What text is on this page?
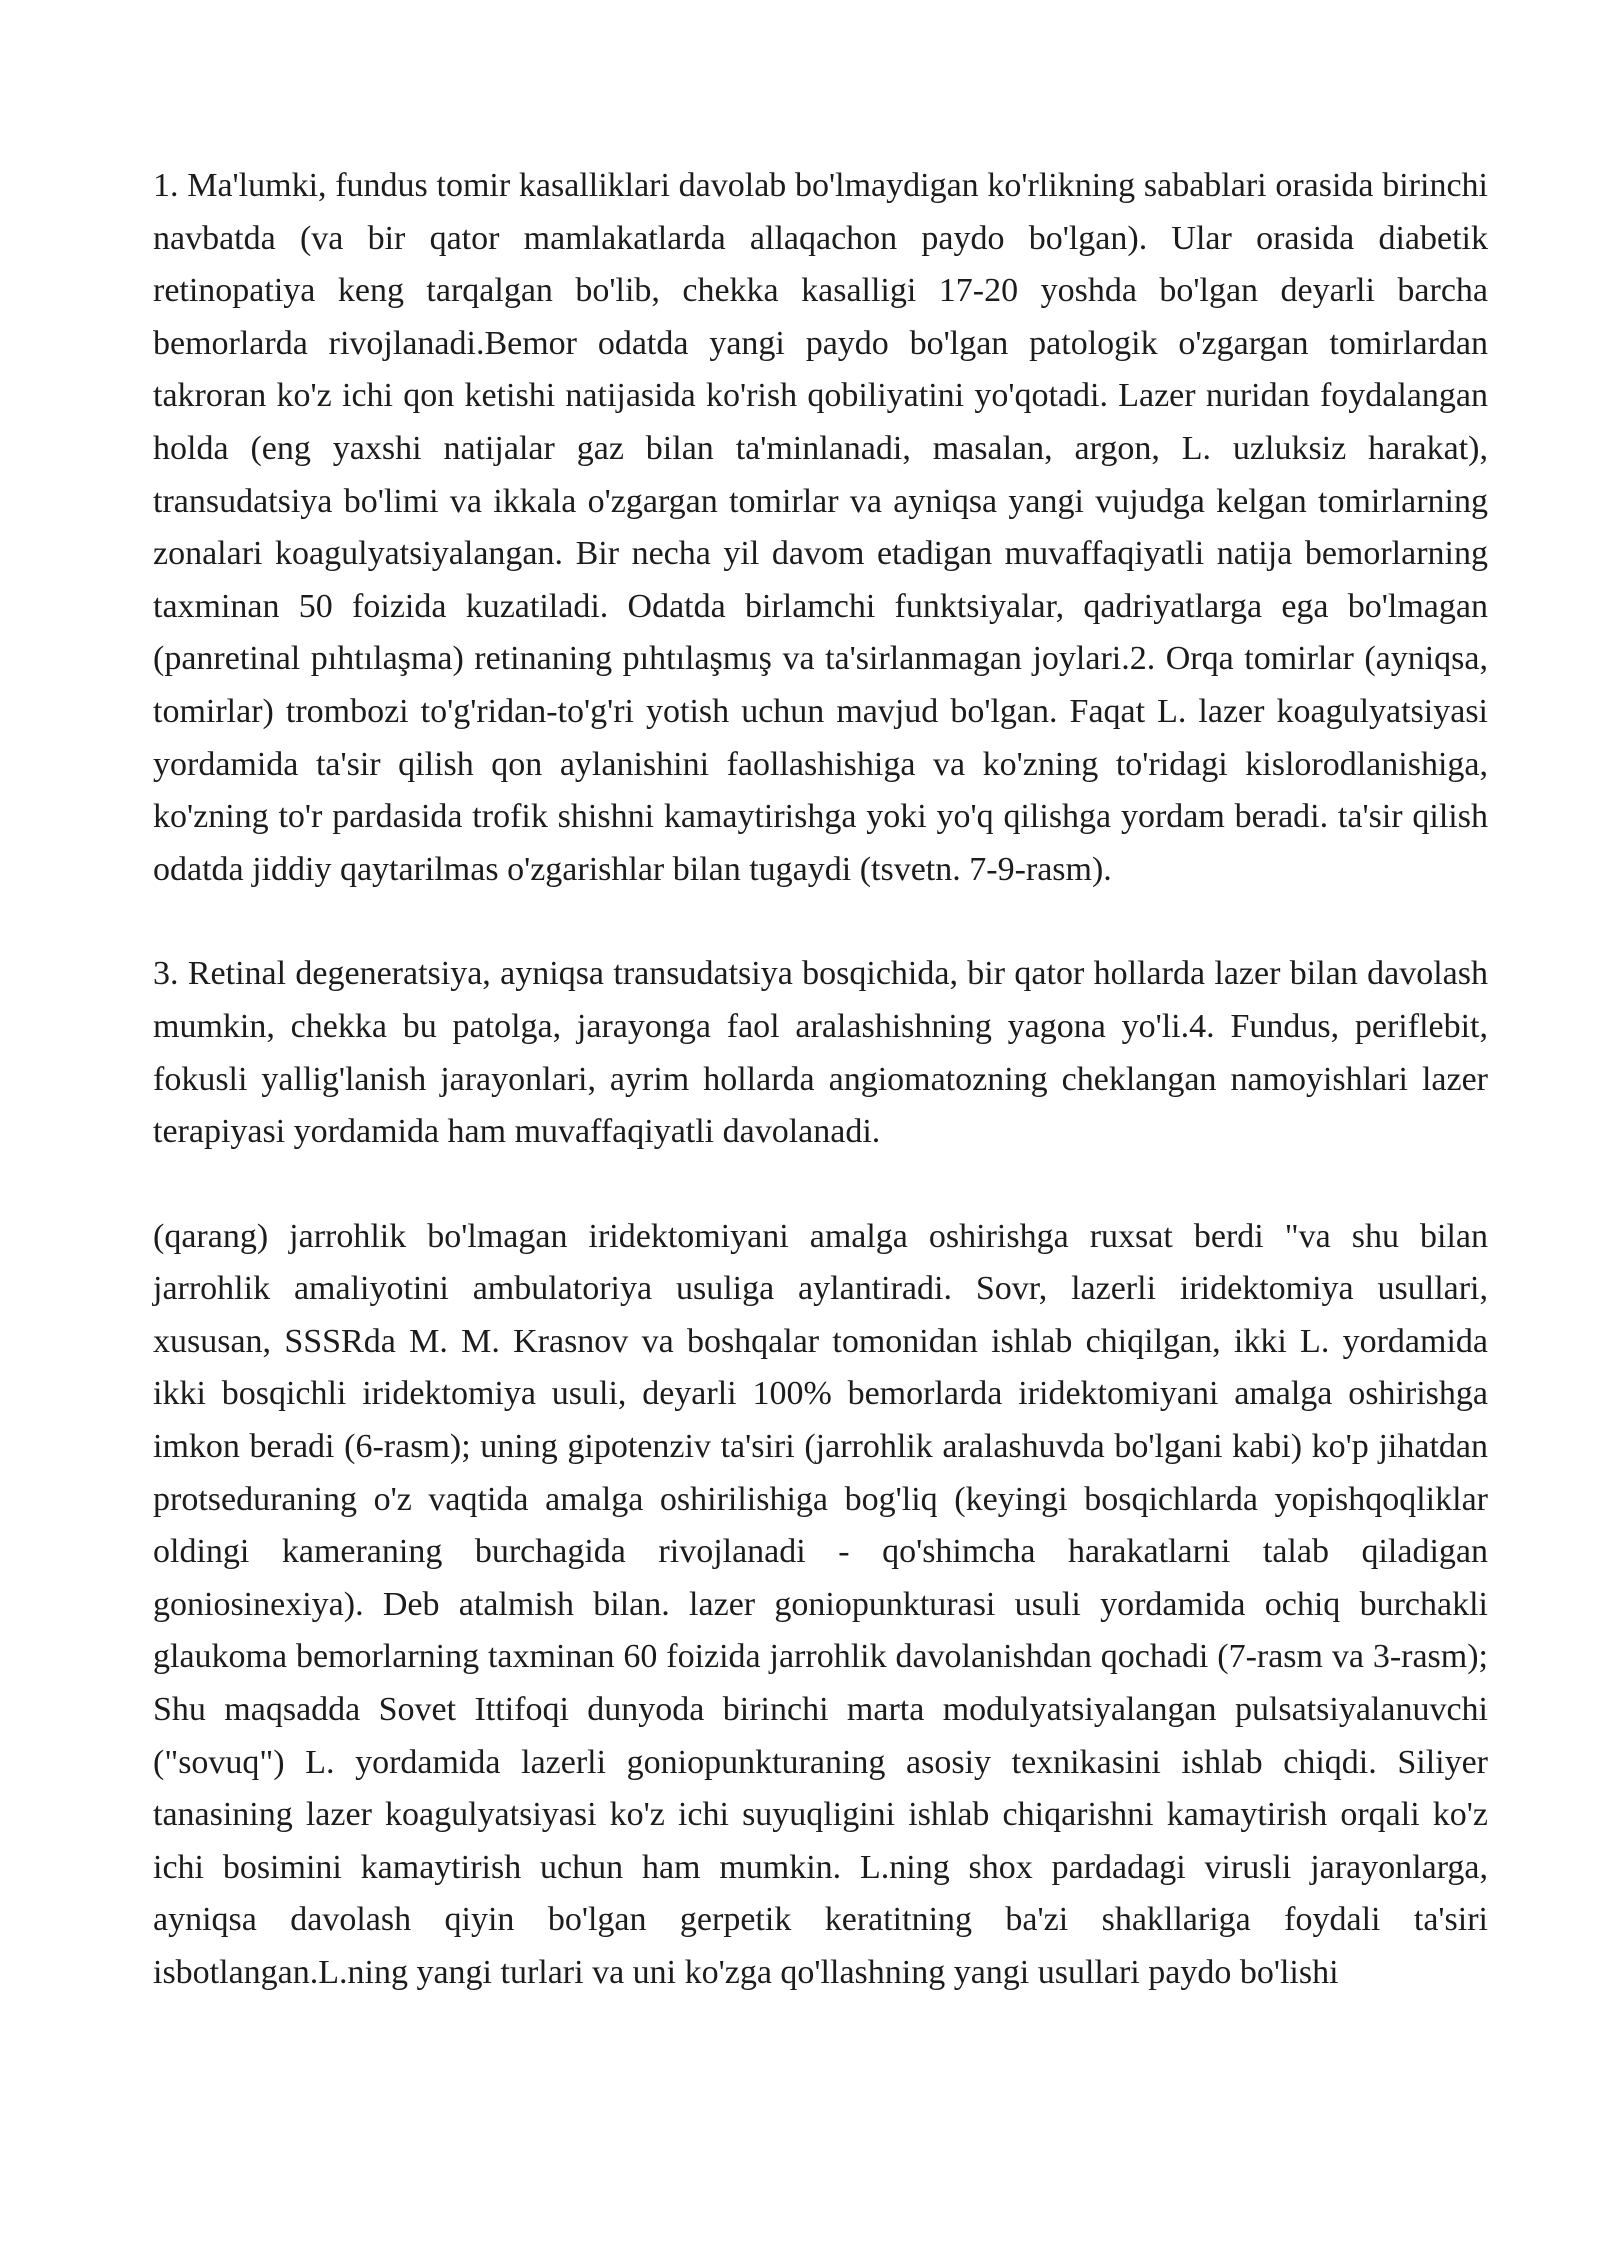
1. Ma'lumki, fundus tomir kasalliklari davolab bo'lmaydigan ko'rlikning sabablari orasida birinchi navbatda (va bir qator mamlakatlarda allaqachon paydo bo'lgan). Ular orasida diabetik retinopatiya keng tarqalgan bo'lib, chekka kasalligi 17-20 yoshda bo'lgan deyarli barcha bemorlarda rivojlanadi.Bemor odatda yangi paydo bo'lgan patologik o'zgargan tomirlardan takroran ko'z ichi qon ketishi natijasida ko'rish qobiliyatini yo'qotadi. Lazer nuridan foydalangan holda (eng yaxshi natijalar gaz bilan ta'minlanadi, masalan, argon, L. uzluksiz harakat), transudatsiya bo'limi va ikkala o'zgargan tomirlar va ayniqsa yangi vujudga kelgan tomirlarning zonalari koagulyatsiyalangan. Bir necha yil davom etadigan muvaffaqiyatli natija bemorlarning taxminan 50 foizida kuzatiladi. Odatda birlamchi funktsiyalar, qadriyatlarga ega bo'lmagan (panretinal pıhtılaşma) retinaning pıhtılaşmış va ta'sirlanmagan joylari.2. Orqa tomirlar (ayniqsa, tomirlar) trombozi to'g'ridan-to'g'ri yotish uchun mavjud bo'lgan. Faqat L. lazer koagulyatsiyasi yordamida ta'sir qilish qon aylanishini faollashishiga va ko'zning to'ridagi kislorodlanishiga, ko'zning to'r pardasida trofik shishni kamaytirishga yoki yo'q qilishga yordam beradi. ta'sir qilish odatda jiddiy qaytarilmas o'zgarishlar bilan tugaydi (tsvetn. 7-9-rasm).

3. Retinal degeneratsiya, ayniqsa transudatsiya bosqichida, bir qator hollarda lazer bilan davolash mumkin, chekka bu patolga, jarayonga faol aralashishning yagona yo'li.4. Fundus, periflebit, fokusli yallig'lanish jarayonlari, ayrim hollarda angiomatozning cheklangan namoyishlari lazer terapiyasi yordamida ham muvaffaqiyatli davolanadi.

(qarang) jarrohlik bo'lmagan iridektomiyani amalga oshirishga ruxsat berdi "va shu bilan jarrohlik amaliyotini ambulatoriya usuliga aylantiradi. Sovr, lazerli iridektomiya usullari, xususan, SSSRda M. M. Krasnov va boshqalar tomonidan ishlab chiqilgan, ikki L. yordamida ikki bosqichli iridektomiya usuli, deyarli 100% bemorlarda iridektomiyani amalga oshirishga imkon beradi (6-rasm); uning gipotenziv ta'siri (jarrohlik aralashuvda bo'lgani kabi) ko'p jihatdan protseduraning o'z vaqtida amalga oshirilishiga bog'liq (keyingi bosqichlarda yopishqoqliklar oldingi kameraning burchagida rivojlanadi - qo'shimcha harakatlarni talab qiladigan goniosinexiya). Deb atalmish bilan. lazer goniopunkturasi usuli yordamida ochiq burchakli glaukoma bemorlarning taxminan 60 foizida jarrohlik davolanishdan qochadi (7-rasm va 3-rasm); Shu maqsadda Sovet Ittifoqi dunyoda birinchi marta modulyatsiyalangan pulsatsiyalanuvchi ("sovuq") L. yordamida lazerli goniopunkturaning asosiy texnikasini ishlab chiqdi. Siliyer tanasining lazer koagulyatsiyasi ko'z ichi suyuqligini ishlab chiqarishni kamaytirish orqali ko'z ichi bosimini kamaytirish uchun ham mumkin. L.ning shox pardadagi virusli jarayonlarga, ayniqsa davolash qiyin bo'lgan gerpetik keratitning ba'zi shakllariga foydali ta'siri isbotlangan.L.ning yangi turlari va uni ko'zga qo'llashning yangi usullari paydo bo'lishi
